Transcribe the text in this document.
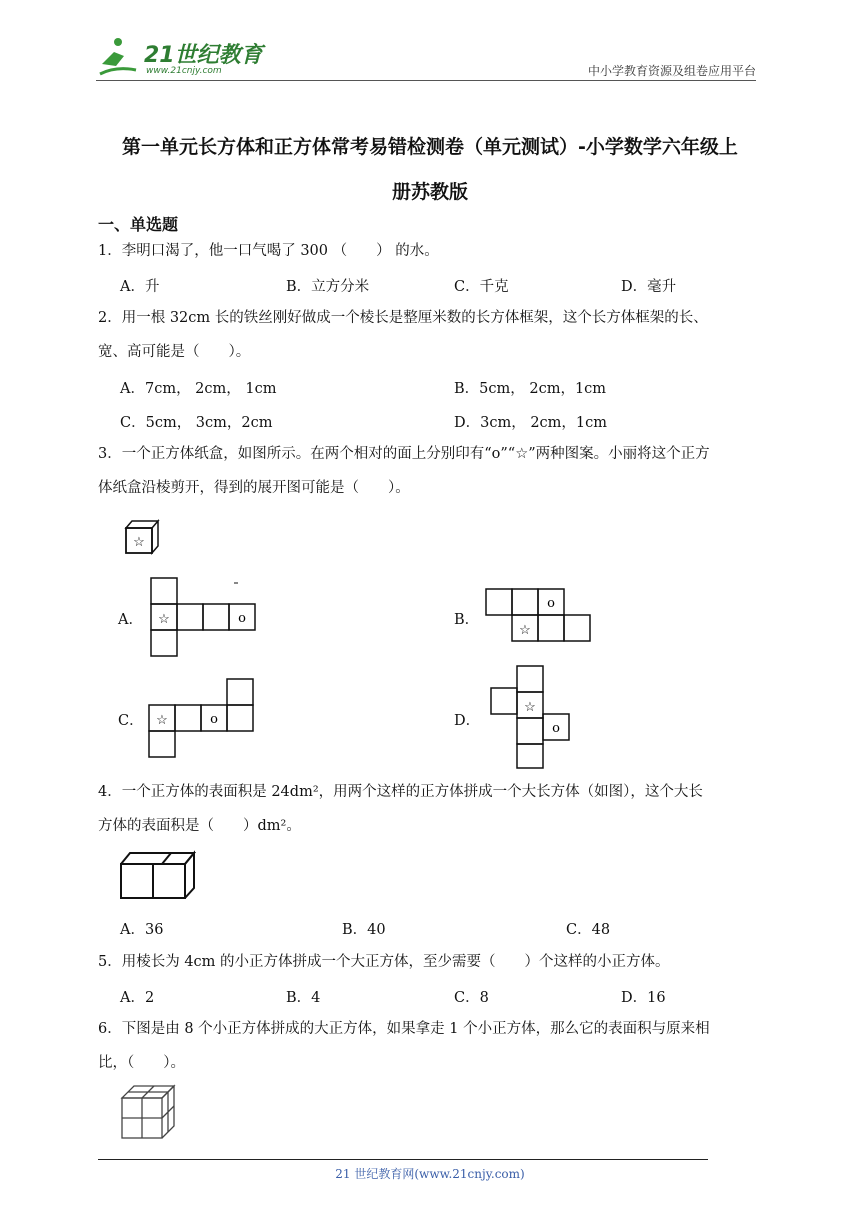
21世纪教育
www.21cnjy.com	中小学教育资源及组卷应用平台
第一单元长方体和正方体常考易错检测卷（单元测试）-小学数学六年级上
册苏教版
一、单选题
1．李明口渴了，他一口气喝了 300 （　　） 的水。
A．升	B．立方分米	C．千克	D．毫升
2．用一根 32cm 长的铁丝刚好做成一个棱长是整厘米数的长方体框架，这个长方体框架的长、
宽、高可能是（　　）。
A．7cm， 2cm， 1cm	B．5cm， 2cm，1cm
C．5cm， 3cm，2cm	D．3cm， 2cm，1cm
3．一个正方体纸盒，如图所示。在两个相对的面上分别印有“o”“☆”两种图案。小丽将这个正方
体纸盒沿棱剪开，得到的展开图可能是（　　）。
☆
A． ☆	o	B．
o
☆
C． ☆	o	D．
☆
o
4．一个正方体的表面积是 24dm²，用两个这样的正方体拼成一个大长方体（如图），这个大长
方体的表面积是（　　）dm²。
A．36	B．40	C．48
5．用棱长为 4cm 的小正方体拼成一个大正方体，至少需要（　　）个这样的小正方体。
A．2	B．4	C．8	D．16
6．下图是由 8 个小正方体拼成的大正方体，如果拿走 1 个小正方体，那么它的表面积与原来相
比，（　　）。
21 世纪教育网(www.21cnjy.com)
